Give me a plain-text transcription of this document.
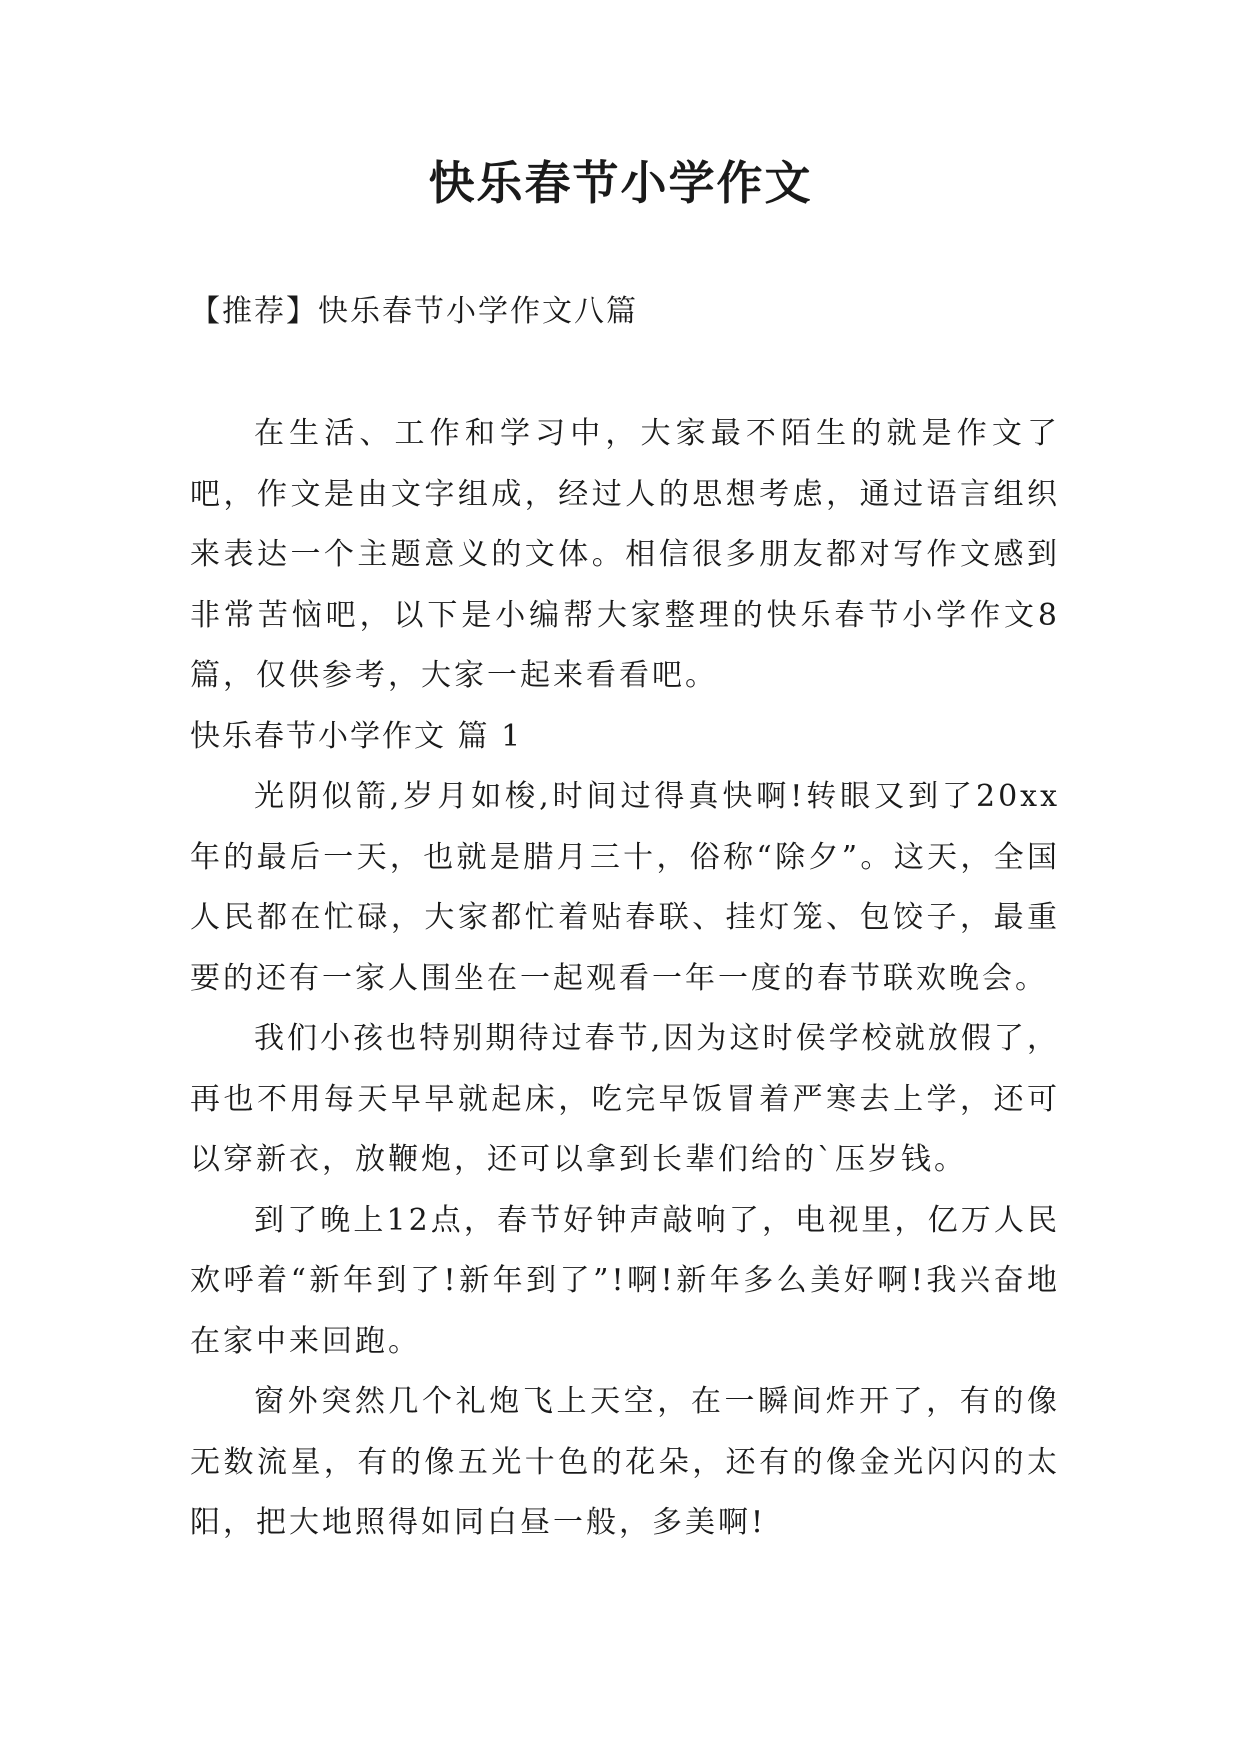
快乐春节小学作文

【推荐】快乐春节小学作文八篇

在生活、工作和学习中，大家最不陌生的就是作文了吧，作文是由文字组成，经过人的思想考虑，通过语言组织来表达一个主题意义的文体。相信很多朋友都对写作文感到非常苦恼吧，以下是小编帮大家整理的快乐春节小学作文8篇，仅供参考，大家一起来看看吧。

快乐春节小学作文 篇 1

光阴似箭,岁月如梭,时间过得真快啊!转眼又到了20xx年的最后一天，也就是腊月三十，俗称“除夕”。这天，全国人民都在忙碌，大家都忙着贴春联、挂灯笼、包饺子，最重要的还有一家人围坐在一起观看一年一度的春节联欢晚会。

我们小孩也特别期待过春节,因为这时侯学校就放假了，再也不用每天早早就起床，吃完早饭冒着严寒去上学，还可以穿新衣，放鞭炮，还可以拿到长辈们给的`压岁钱。

到了晚上12点，春节好钟声敲响了，电视里，亿万人民欢呼着“新年到了!新年到了”!啊!新年多么美好啊!我兴奋地在家中来回跑。

窗外突然几个礼炮飞上天空，在一瞬间炸开了，有的像无数流星，有的像五光十色的花朵，还有的像金光闪闪的太阳，把大地照得如同白昼一般，多美啊!
